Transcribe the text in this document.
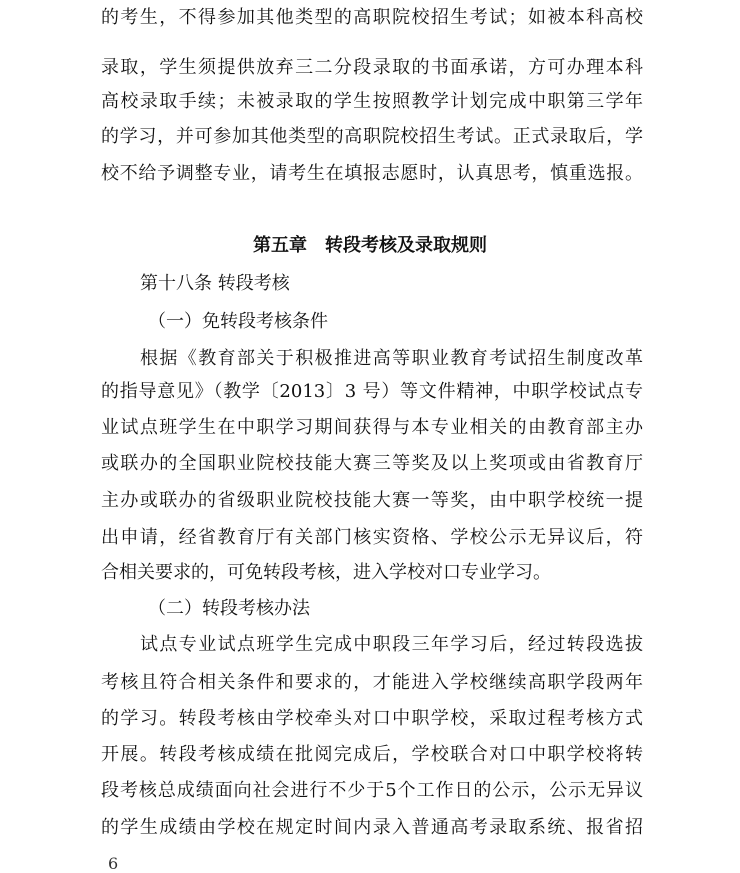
的考生，不得参加其他类型的高职院校招生考试；如被本科高校
录取，学生须提供放弃三二分段录取的书面承诺，方可办理本科
高校录取手续；未被录取的学生按照教学计划完成中职第三学年
的学习，并可参加其他类型的高职院校招生考试。正式录取后，学
校不给予调整专业，请考生在填报志愿时，认真思考，慎重选报。
第五章　转段考核及录取规则
第十八条 转段考核
（一）免转段考核条件
根据《教育部关于积极推进高等职业教育考试招生制度改革
的指导意见》（教学〔2013〕3 号）等文件精神，中职学校试点专
业试点班学生在中职学习期间获得与本专业相关的由教育部主办
或联办的全国职业院校技能大赛三等奖及以上奖项或由省教育厅
主办或联办的省级职业院校技能大赛一等奖，由中职学校统一提
出申请，经省教育厅有关部门核实资格、学校公示无异议后，符
合相关要求的，可免转段考核，进入学校对口专业学习。
（二）转段考核办法
试点专业试点班学生完成中职段三年学习后，经过转段选拔
考核且符合相关条件和要求的，才能进入学校继续高职学段两年
的学习。转段考核由学校牵头对口中职学校，采取过程考核方式
开展。转段考核成绩在批阅完成后，学校联合对口中职学校将转
段考核总成绩面向社会进行不少于5个工作日的公示，公示无异议
的学生成绩由学校在规定时间内录入普通高考录取系统、报省招
6
